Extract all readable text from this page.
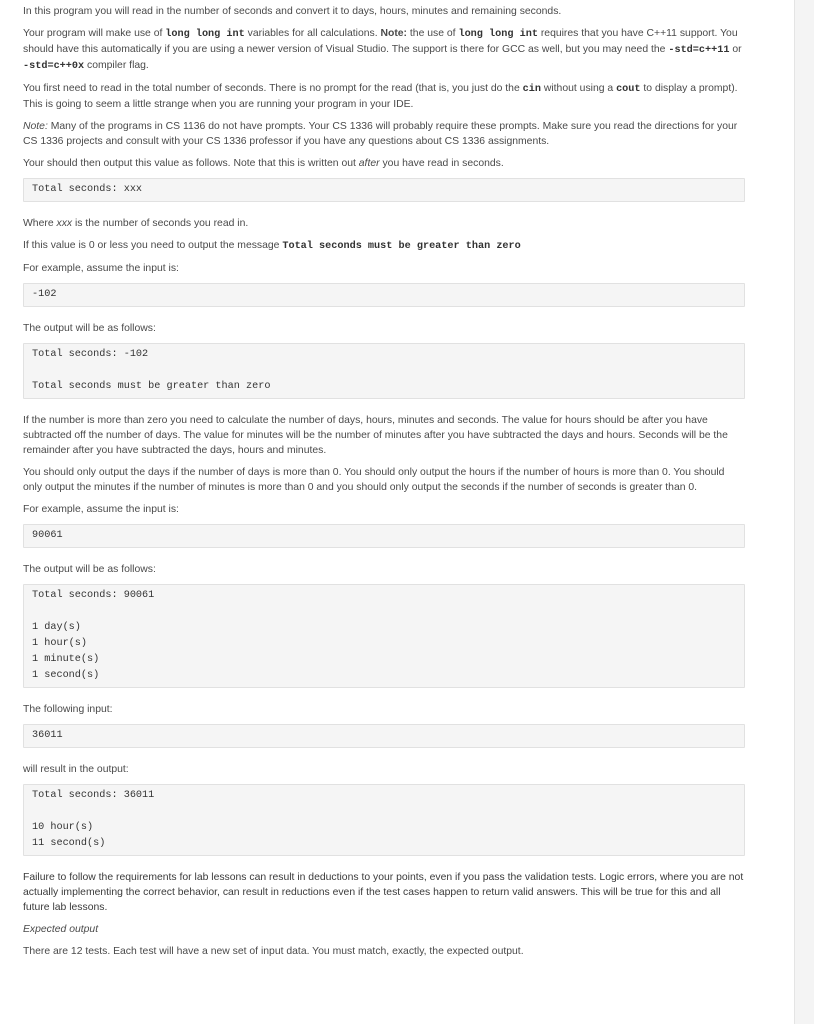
In this program you will read in the number of seconds and convert it to days, hours, minutes and remaining seconds.

Your program will make use of long long int variables for all calculations. Note: the use of long long int requires that you have C++11 support. You should have this automatically if you are using a newer version of Visual Studio. The support is there for GCC as well, but you may need the -std=c++11 or -std=c++0x compiler flag.

You first need to read in the total number of seconds. There is no prompt for the read (that is, you just do the cin without using a cout to display a prompt). This is going to seem a little strange when you are running your program in your IDE.

Note: Many of the programs in CS 1136 do not have prompts. Your CS 1336 will probably require these prompts. Make sure you read the directions for your CS 1336 projects and consult with your CS 1336 professor if you have any questions about CS 1336 assignments.

Your should then output this value as follows. Note that this is written out after you have read in seconds.

Total seconds: xxx

Where xxx is the number of seconds you read in.

If this value is 0 or less you need to output the message Total seconds must be greater than zero

For example, assume the input is:

-102

The output will be as follows:

Total seconds: -102
Total seconds must be greater than zero

If the number is more than zero you need to calculate the number of days, hours, minutes and seconds. The value for hours should be after you have subtracted off the number of days. The value for minutes will be the number of minutes after you have subtracted the days and hours. Seconds will be the remainder after you have subtracted the days, hours and minutes.

You should only output the days if the number of days is more than 0. You should only output the hours if the number of hours is more than 0. You should only output the minutes if the number of minutes is more than 0 and you should only output the seconds if the number of seconds is greater than 0.

For example, assume the input is:

90061

The output will be as follows:

Total seconds: 90061
1 day(s)
1 hour(s)
1 minute(s)
1 second(s)

The following input:

36011

will result in the output:

Total seconds: 36011
10 hour(s)
11 second(s)

Failure to follow the requirements for lab lessons can result in deductions to your points, even if you pass the validation tests. Logic errors, where you are not actually implementing the correct behavior, can result in reductions even if the test cases happen to return valid answers. This will be true for this and all future lab lessons.

Expected output

There are 12 tests. Each test will have a new set of input data. You must match, exactly, the expected output.
